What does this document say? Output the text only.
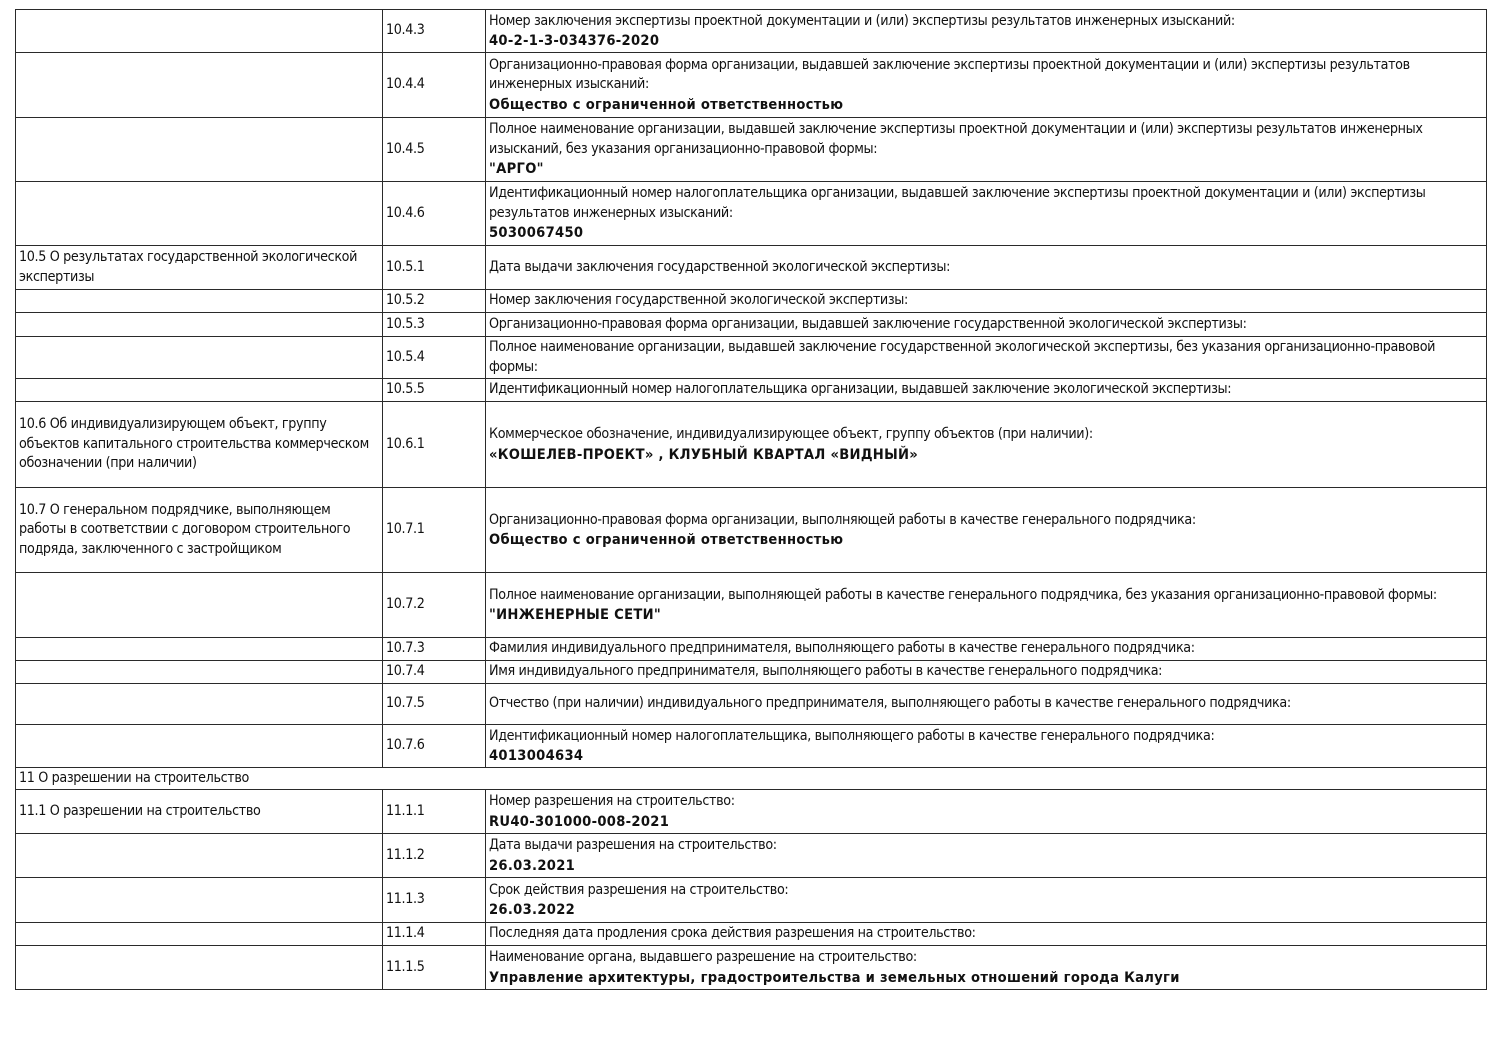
	10.4.3	Номер заключения экспертизы проектной документации и (или) экспертизы результатов инженерных изысканий:
40-2-1-3-034376-2020

	10.4.4	Организационно-правовая форма организации, выдавшей заключение экспертизы проектной документации и (или) экспертизы результатов инженерных изысканий:
Общество с ограниченной ответственностью

	10.4.5	Полное наименование организации, выдавшей заключение экспертизы проектной документации и (или) экспертизы результатов инженерных изысканий, без указания организационно-правовой формы:
"АРГО"

	10.4.6	Идентификационный номер налогоплательщика организации, выдавшей заключение экспертизы проектной документации и (или) экспертизы результатов инженерных изысканий:
5030067450

10.5 О результатах государственной экологической экспертизы	10.5.1	Дата выдачи заключения государственной экологической экспертизы:

	10.5.2	Номер заключения государственной экологической экспертизы:

	10.5.3	Организационно-правовая форма организации, выдавшей заключение государственной экологической экспертизы:

	10.5.4	Полное наименование организации, выдавшей заключение государственной экологической экспертизы, без указания организационно-правовой формы:

	10.5.5	Идентификационный номер налогоплательщика организации, выдавшей заключение экологической экспертизы:

10.6 Об индивидуализирующем объект, группу объектов капитального строительства коммерческом обозначении (при наличии)	10.6.1	Коммерческое обозначение, индивидуализирующее объект, группу объектов (при наличии):
«КОШЕЛЕВ-ПРОЕКТ» , КЛУБНЫЙ КВАРТАЛ «ВИДНЫЙ»

10.7 О генеральном подрядчике, выполняющем работы в соответствии с договором строительного подряда, заключенного с застройщиком	10.7.1	Организационно-правовая форма организации, выполняющей работы в качестве генерального подрядчика:
Общество с ограниченной ответственностью

	10.7.2	Полное наименование организации, выполняющей работы в качестве генерального подрядчика, без указания организационно-правовой формы:
"ИНЖЕНЕРНЫЕ СЕТИ"

	10.7.3	Фамилия индивидуального предпринимателя, выполняющего работы в качестве генерального подрядчика:

	10.7.4	Имя индивидуального предпринимателя, выполняющего работы в качестве генерального подрядчика:

	10.7.5	Отчество (при наличии) индивидуального предпринимателя, выполняющего работы в качестве генерального подрядчика:

	10.7.6	Идентификационный номер налогоплательщика, выполняющего работы в качестве генерального подрядчика:
4013004634

11 О разрешении на строительство		
11.1 О разрешении на строительство	11.1.1	Номер разрешения на строительство:
RU40-301000-008-2021

	11.1.2	Дата выдачи разрешения на строительство:
26.03.2021

	11.1.3	Срок действия разрешения на строительство:
26.03.2022

	11.1.4	Последняя дата продления срока действия разрешения на строительство:

	11.1.5	Наименование органа, выдавшего разрешение на строительство:
Управление архитектуры, градостроительства и земельных отношений города Калуги
